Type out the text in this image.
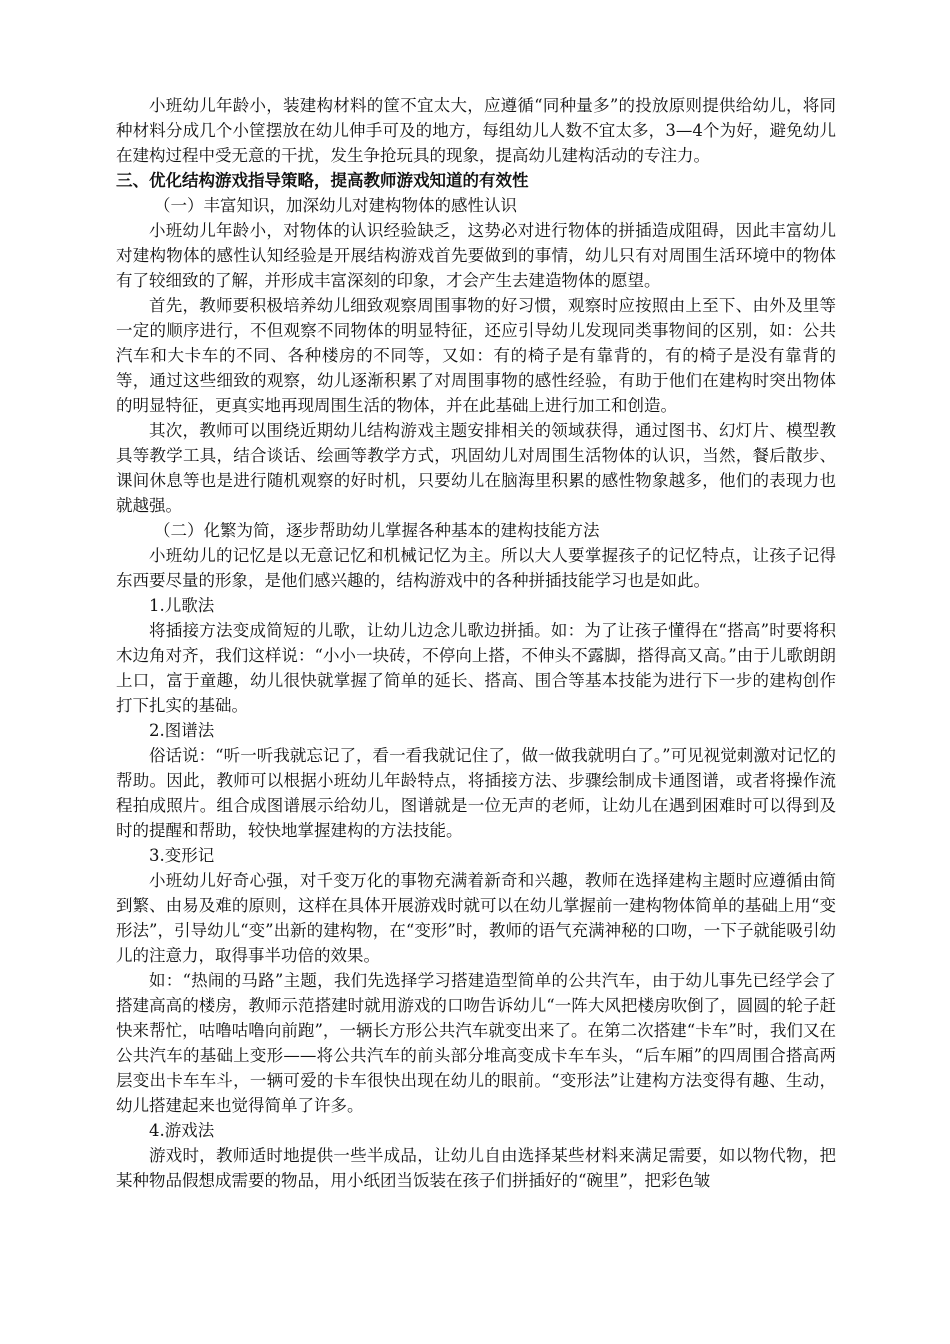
小班幼儿年龄小，装建构材料的筐不宜太大，应遵循“同种量多”的投放原则提供给幼儿，将同种材料分成几个小筐摆放在幼儿伸手可及的地方，每组幼儿人数不宜太多，3—4个为好，避免幼儿在建构过程中受无意的干扰，发生争抢玩具的现象，提高幼儿建构活动的专注力。

三、优化结构游戏指导策略，提高教师游戏知道的有效性

（一）丰富知识，加深幼儿对建构物体的感性认识

小班幼儿年龄小，对物体的认识经验缺乏，这势必对进行物体的拼插造成阻碍，因此丰富幼儿对建构物体的感性认知经验是开展结构游戏首先要做到的事情，幼儿只有对周围生活环境中的物体有了较细致的了解，并形成丰富深刻的印象，才会产生去建造物体的愿望。

首先，教师要积极培养幼儿细致观察周围事物的好习惯，观察时应按照由上至下、由外及里等一定的顺序进行，不但观察不同物体的明显特征，还应引导幼儿发现同类事物间的区别，如：公共汽车和大卡车的不同、各种楼房的不同等，又如：有的椅子是有靠背的，有的椅子是没有靠背的等，通过这些细致的观察，幼儿逐渐积累了对周围事物的感性经验，有助于他们在建构时突出物体的明显特征，更真实地再现周围生活的物体，并在此基础上进行加工和创造。

其次，教师可以围绕近期幼儿结构游戏主题安排相关的领域获得，通过图书、幻灯片、模型教具等教学工具，结合谈话、绘画等教学方式，巩固幼儿对周围生活物体的认识，当然，餐后散步、课间休息等也是进行随机观察的好时机，只要幼儿在脑海里积累的感性物象越多，他们的表现力也就越强。

（二）化繁为简，逐步帮助幼儿掌握各种基本的建构技能方法

小班幼儿的记忆是以无意记忆和机械记忆为主。所以大人要掌握孩子的记忆特点，让孩子记得东西要尽量的形象，是他们感兴趣的，结构游戏中的各种拼插技能学习也是如此。

1.儿歌法

将插接方法变成简短的儿歌，让幼儿边念儿歌边拼插。如：为了让孩子懂得在“搭高”时要将积木边角对齐，我们这样说：“小小一块砖，不停向上搭，不伸头不露脚，搭得高又高。”由于儿歌朗朗上口，富于童趣，幼儿很快就掌握了简单的延长、搭高、围合等基本技能为进行下一步的建构创作打下扎实的基础。

2.图谱法

俗话说：“听一听我就忘记了，看一看我就记住了，做一做我就明白了。”可见视觉刺激对记忆的帮助。因此，教师可以根据小班幼儿年龄特点，将插接方法、步骤绘制成卡通图谱，或者将操作流程拍成照片。组合成图谱展示给幼儿，图谱就是一位无声的老师，让幼儿在遇到困难时可以得到及时的提醒和帮助，较快地掌握建构的方法技能。

3.变形记

小班幼儿好奇心强，对千变万化的事物充满着新奇和兴趣，教师在选择建构主题时应遵循由简到繁、由易及难的原则，这样在具体开展游戏时就可以在幼儿掌握前一建构物体简单的基础上用“变形法”，引导幼儿“变”出新的建构物，在“变形”时，教师的语气充满神秘的口吻，一下子就能吸引幼儿的注意力，取得事半功倍的效果。

如：“热闹的马路”主题，我们先选择学习搭建造型简单的公共汽车，由于幼儿事先已经学会了搭建高高的楼房，教师示范搭建时就用游戏的口吻告诉幼儿“一阵大风把楼房吹倒了，圆圆的轮子赶快来帮忙，咕噜咕噜向前跑”，一辆长方形公共汽车就变出来了。在第二次搭建“卡车”时，我们又在公共汽车的基础上变形——将公共汽车的前头部分堆高变成卡车车头，“后车厢”的四周围合搭高两层变出卡车车斗，一辆可爱的卡车很快出现在幼儿的眼前。“变形法”让建构方法变得有趣、生动，幼儿搭建起来也觉得简单了许多。

4.游戏法

游戏时，教师适时地提供一些半成品，让幼儿自由选择某些材料来满足需要，如以物代物，把某种物品假想成需要的物品，用小纸团当饭装在孩子们拼插好的“碗里”，把彩色皱
